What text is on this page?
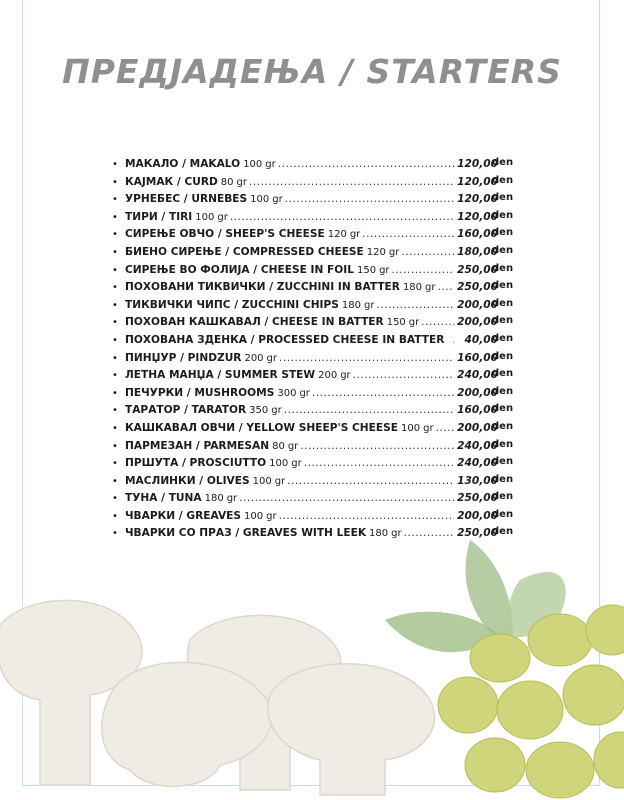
ПРЕДЈАДЕЊА / STARTERS
• МАКАЛО / MAKALO 100 gr .....	120,00
den
• КАЈМАК / CURD 80 gr .....	120,00
den
• УРНЕБЕС / URNEBES 100 gr .....	120,00
den
• ТИРИ / TIRI 100 gr .....	120,00
den
• СИРЕЊЕ ОВЧО / SHEEP'S CHEESE 120 gr .....	160,00
den
• БИЕНО СИРЕЊЕ / COMPRESSED CHEESE 120 gr .....	180,00
den
• СИРЕЊЕ ВО ФОЛИЈА / CHEESE IN FOIL 150 gr .....	250,00
den
• ПОХОВАНИ ТИКВИЧКИ / ZUCCHINI IN BATTER 180 gr ..... 250,00
den
• ТИКВИЧКИ ЧИПС / ZUCCHINI CHIPS 180 gr .....	200,00
den
• ПОХОВАН КАШКАВАЛ / CHEESE IN BATTER 150 gr .....	200,00
den
• ПОХОВАНА ЗДЕНКА / PROCESSED CHEESE IN BATTER .....	40,00
den
• ПИНЏУР / PINDZUR 200 gr .....	160,00
den
• ЛЕТНА МАНЏА / SUMMER STEW 200 gr .....	240,00
den
• ПЕЧУРКИ / MUSHROOMS 300 gr .....	200,00
den
• ТАРАТОР / TARATOR 350 gr .....	160,00
den
• КАШКАВАЛ ОВЧИ / YELLOW SHEEP'S CHEESE 100 gr ..... 200,00
den
• ПАРМЕЗАН / PARMESAN 80 gr .....	240,00
den
• ПРШУТА / PROSCIUTTO 100 gr .....	240,00
den
• МАСЛИНКИ / OLIVES 100 gr .....	130,00
den
• ТУНА / TUNA 180 gr .....	250,00
den
• ЧВАРКИ / GREAVES 100 gr .....	200,00
den
• ЧВАРКИ СО ПРАЗ / GREAVES WITH LEEK 180 gr .....	250,00
den
